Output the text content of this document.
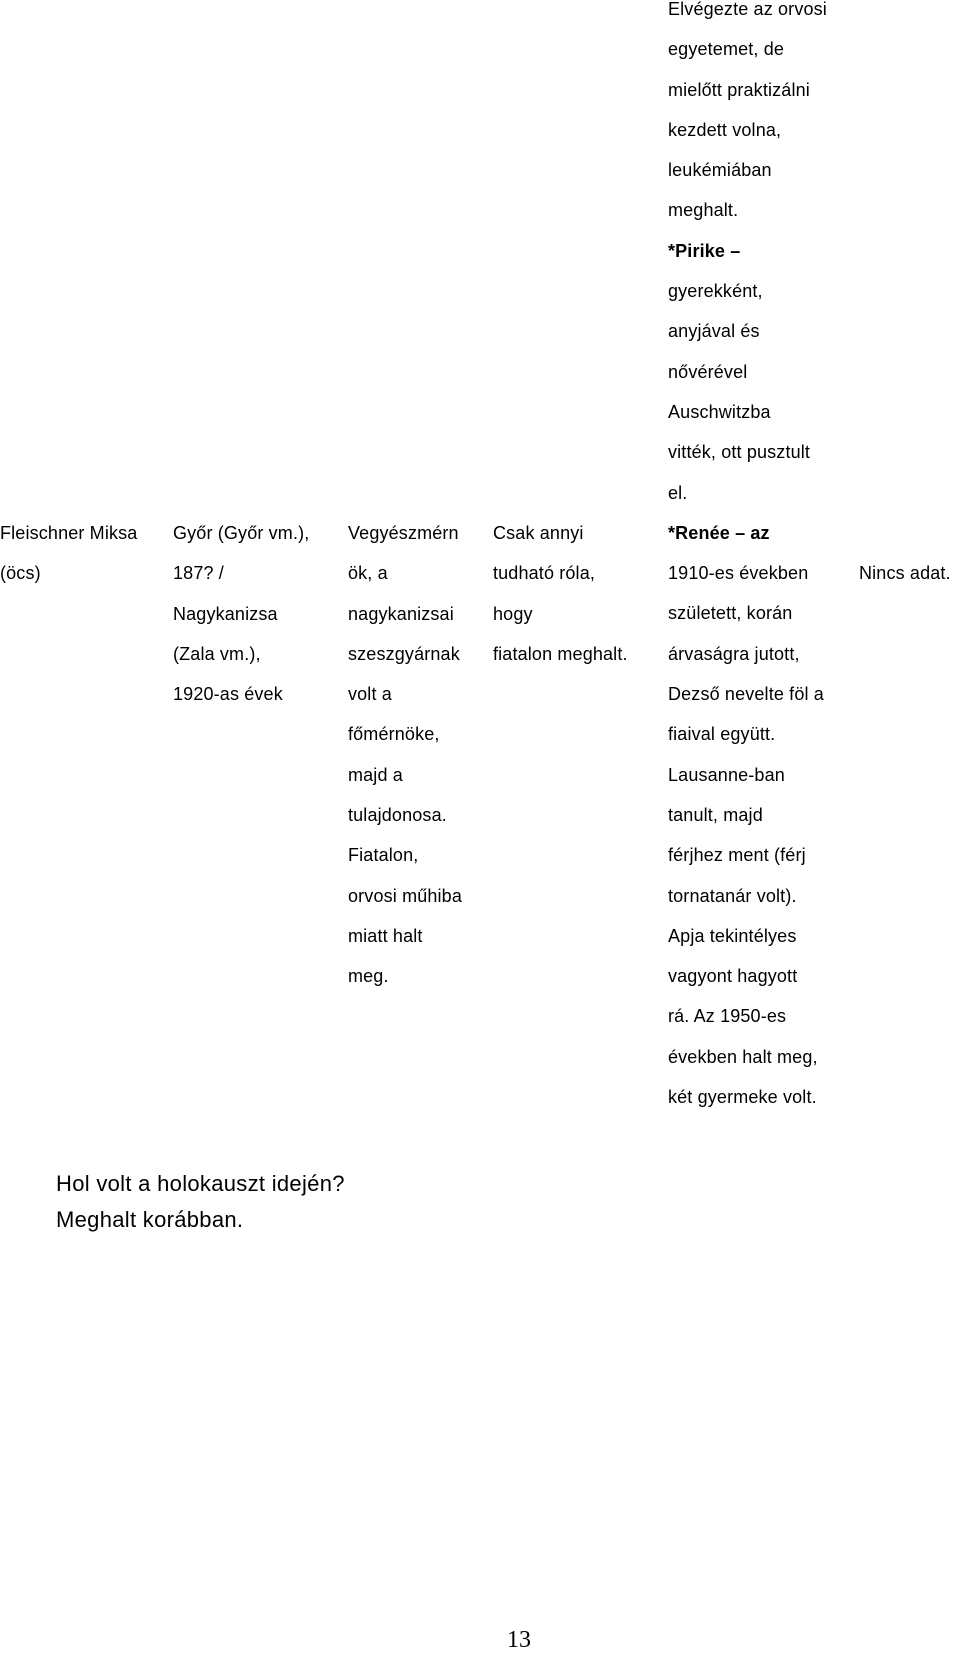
Elvégezte az orvosi
egyetemet, de
mielőtt praktizálni
kezdett volna,
leukémiában
meghalt.
*Pirike –
gyerekként,
anyjával és
nővérével
Auschwitzba
vitték, ott pusztult
el.
*Renée – az
1910-es években
született, korán
árvaságra jutott,
Dezső nevelte föl a
fiaival együtt.
Lausanne-ban
tanult, majd
férjhez ment (férj
tornatanár volt).
Apja tekintélyes
vagyont hagyott
rá. Az 1950-es
években halt meg,
két gyermeke volt.
Fleischner Miksa
(öcs)
Győr (Győr vm.),
187? /
Nagykanizsa
(Zala vm.),
1920-as évek
Vegyészmérn
ök, a
nagykanizsai
szeszgyárnak
volt a
főmérnöke,
majd a
tulajdonosa.
Fiatalon,
orvosi műhiba
miatt halt
meg.
Csak annyi
tudható róla,
hogy
fiatalon meghalt.
Nincs adat.
Hol volt a holokauszt idején?
Meghalt korábban.
13
